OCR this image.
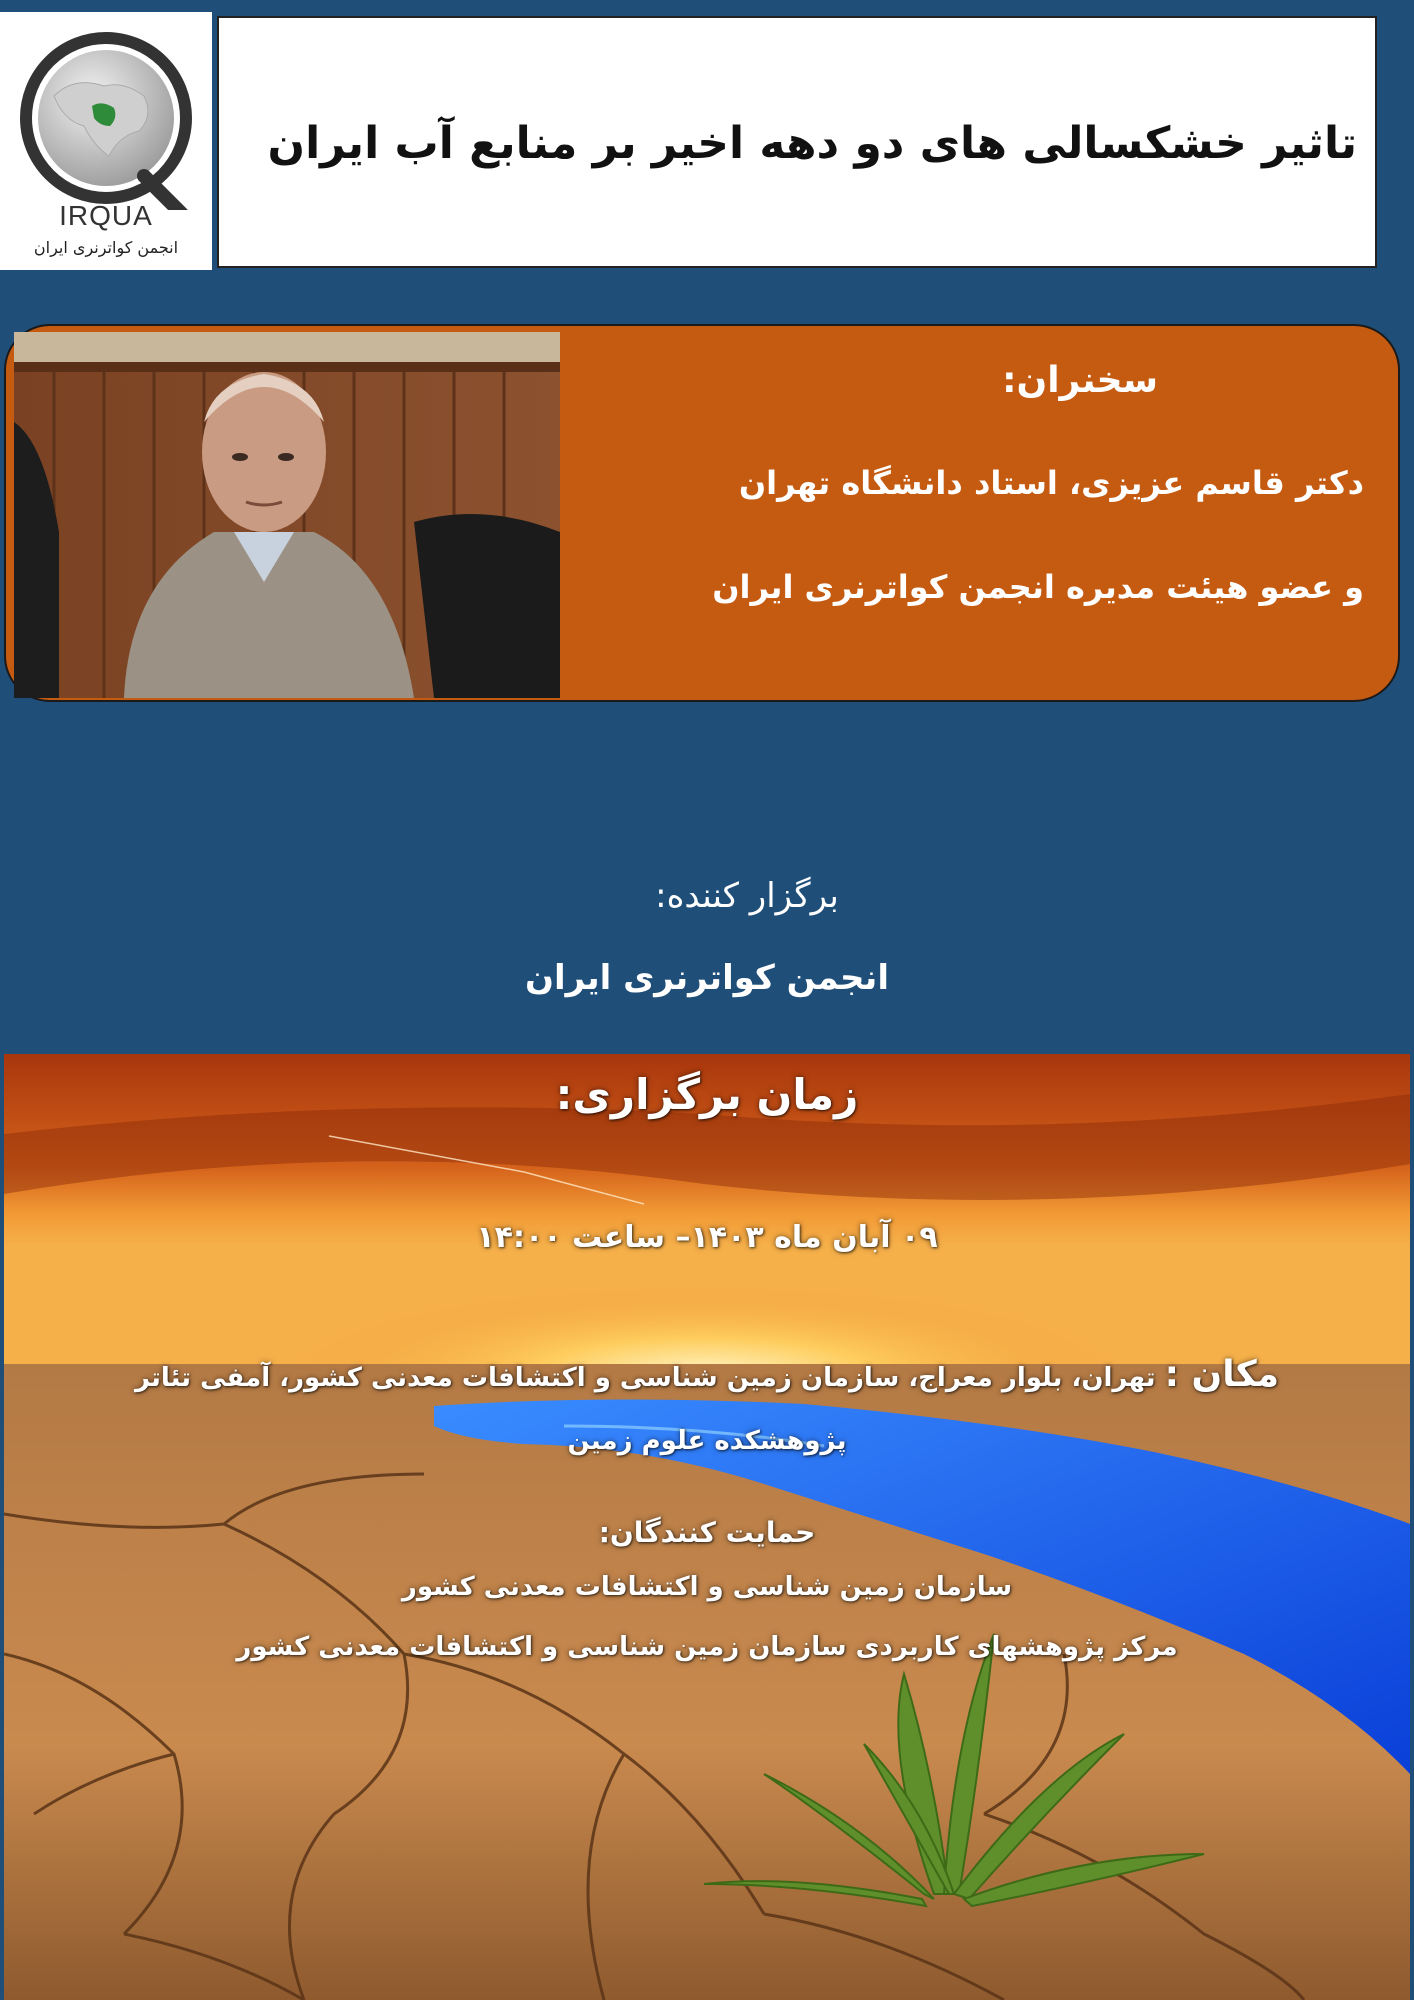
IRQUA
انجمن کواترنری ایران
تاثیر خشکسالی های دو دهه اخیر بر منابع آب ایران
سخنران:
دکتر قاسم عزیزی، استاد دانشگاه تهران
و عضو هیئت مدیره انجمن کواترنری ایران
برگزار کننده:
انجمن کواترنری ایران
زمان برگزاری:
۰۹ آبان ماه ۱۴۰۳– ساعت ۱۴:۰۰
مکان : تهران، بلوار معراج، سازمان زمین شناسی و اکتشافات معدنی کشور، آمفی تئاتر
پژوهشکده علوم زمین
حمایت کنندگان:
سازمان زمین شناسی و اکتشافات معدنی کشور
مرکز پژوهشهای کاربردی سازمان زمین شناسی و اکتشافات معدنی کشور
